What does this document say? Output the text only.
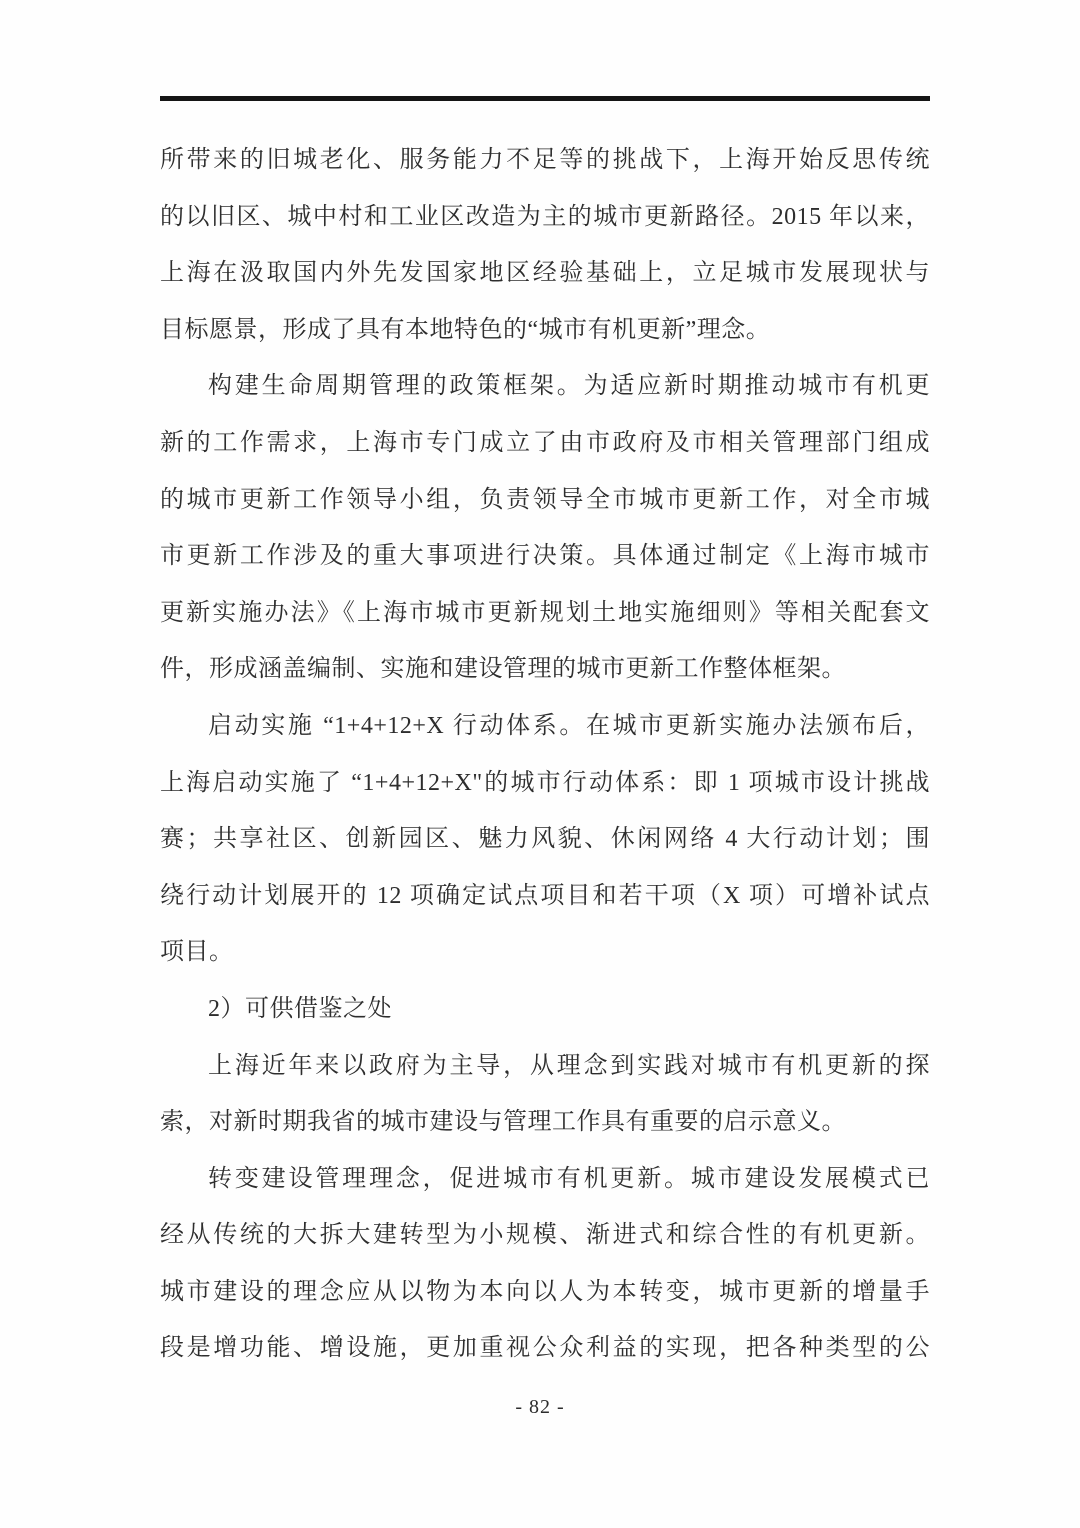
所带来的旧城老化、服务能力不足等的挑战下，上海开始反思传统
的以旧区、城中村和工业区改造为主的城市更新路径。2015 年以来，
上海在汲取国内外先发国家地区经验基础上，立足城市发展现状与
目标愿景，形成了具有本地特色的“城市有机更新”理念。
构建生命周期管理的政策框架。为适应新时期推动城市有机更
新的工作需求，上海市专门成立了由市政府及市相关管理部门组成
的城市更新工作领导小组，负责领导全市城市更新工作，对全市城
市更新工作涉及的重大事项进行决策。具体通过制定《上海市城市
更新实施办法》《上海市城市更新规划土地实施细则》等相关配套文
件，形成涵盖编制、实施和建设管理的城市更新工作整体框架。
启动实施 “1+4+12+X 行动体系。在城市更新实施办法颁布后，
上海启动实施了 “1+4+12+X"的城市行动体系：即 1 项城市设计挑战
赛；共享社区、创新园区、魅力风貌、休闲网络 4 大行动计划；围
绕行动计划展开的 12 项确定试点项目和若干项（X 项）可增补试点
项目。
2）可供借鉴之处
上海近年来以政府为主导，从理念到实践对城市有机更新的探
索，对新时期我省的城市建设与管理工作具有重要的启示意义。
转变建设管理理念，促进城市有机更新。城市建设发展模式已
经从传统的大拆大建转型为小规模、渐进式和综合性的有机更新。
城市建设的理念应从以物为本向以人为本转变，城市更新的增量手
段是增功能、增设施，更加重视公众利益的实现，把各种类型的公
- 82 -
